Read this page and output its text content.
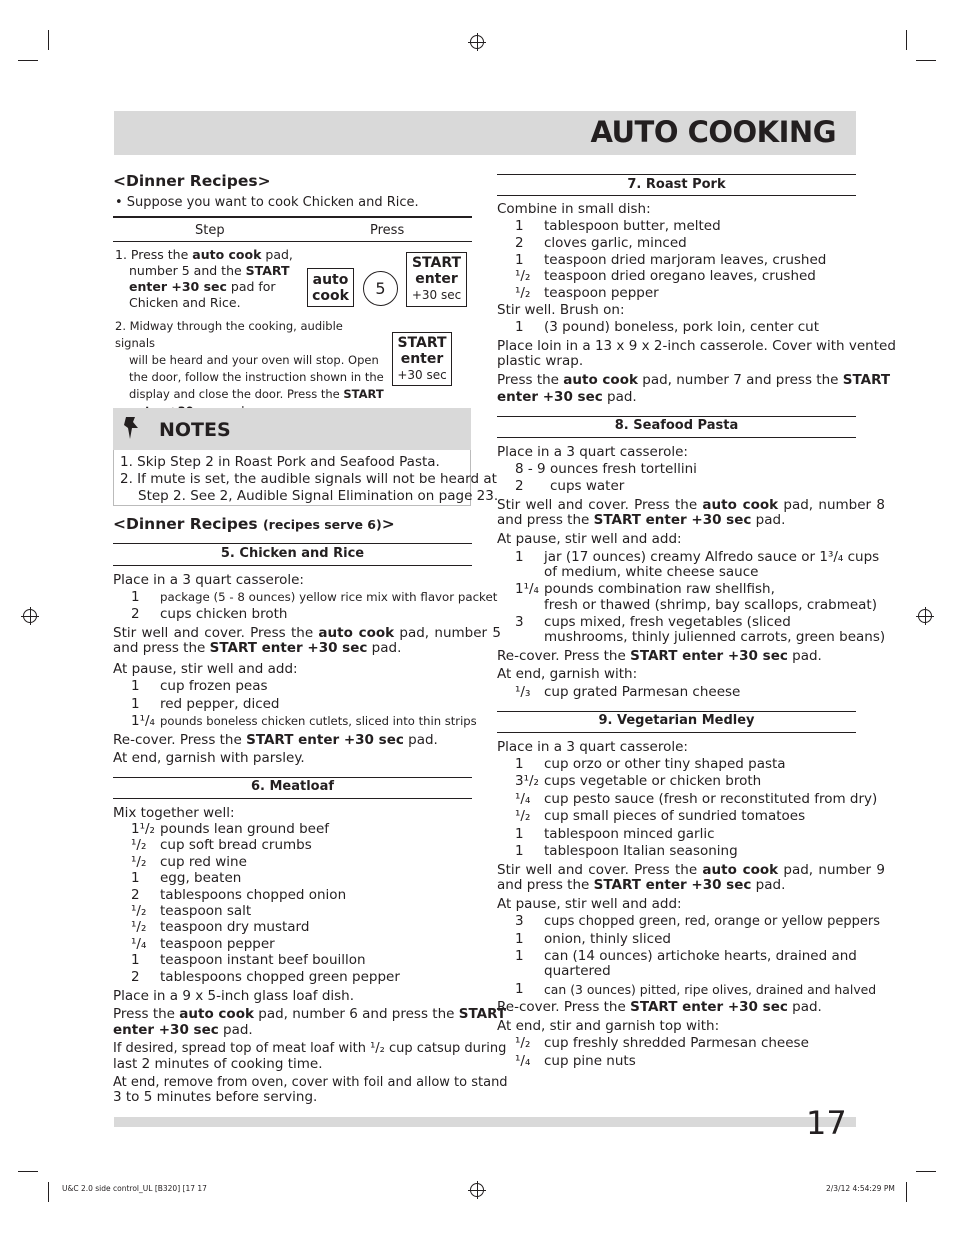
AUTO COOKING
<Dinner Recipes>
• Suppose you want to cook Chicken and Rice.
Step	Press
1. Press the auto cook pad,
number 5 and the START
enter +30 sec pad for
Chicken and Rice.
auto
cook	5
START
enter
+30 sec
2. Midway through the cooking, audible signals
will be heard and your oven will stop. Open
the door, follow the instruction shown in the
display and close the door. Press the START

START
enter
+30 sec
NOTES
1. Skip Step 2 in Roast Pork and Seafood Pasta.
2. If mute is set, the audible signals will not be heard at
Step 2. See 2, Audible Signal Elimination on page 23.
<Dinner Recipes (recipes serve 6)>
5. Chicken and Rice
Place in a 3 quart casserole:
1 package (5 - 8 ounces) yellow rice mix with flavor packet
2 cups chicken broth
Stir well and cover. Press the auto cook pad, number 5
and press the START enter +30 sec pad.
At pause, stir well and add:
1 cup frozen peas
1 red pepper, diced
1¹/₄ pounds boneless chicken cutlets, sliced into thin strips
Re-cover. Press the START enter +30 sec pad.
At end, garnish with parsley.
6. Meatloaf
Mix together well:
1¹/₂ pounds lean ground beef
¹/₂ cup soft bread crumbs
¹/₂ cup red wine
1 egg, beaten
2 tablespoons chopped onion
¹/₂ teaspoon salt
¹/₂ teaspoon dry mustard
¹/₄ teaspoon pepper
1 teaspoon instant beef bouillon
2 tablespoons chopped green pepper
Place in a 9 x 5-inch glass loaf dish.
Press the auto cook pad, number 6 and press the START
enter +30 sec pad.
If desired, spread top of meat loaf with ¹/₂ cup catsup during
last 2 minutes of cooking time.
At end, remove from oven, cover with foil and allow to stand
3 to 5 minutes before serving.
7. Roast Pork
Combine in small dish:
1 tablespoon butter, melted
2 cloves garlic, minced
1 teaspoon dried marjoram leaves, crushed
¹/₂ teaspoon dried oregano leaves, crushed
¹/₂ teaspoon pepper
Stir well. Brush on:
1 (3 pound) boneless, pork loin, center cut
Place loin in a 13 x 9 x 2-inch casserole. Cover with vented
plastic wrap.
Press the auto cook pad, number 7 and press the START
enter +30 sec pad.
8. Seafood Pasta
Place in a 3 quart casserole:
8 - 9 ounces fresh tortellini
2 cups water
Stir well and cover. Press the auto cook pad, number 8
and press the START enter +30 sec pad.
At pause, stir well and add:
1 jar (17 ounces) creamy Alfredo sauce or 1³/₄ cups
of medium, white cheese sauce
1¹/₄ pounds combination raw shellfish,
fresh or thawed (shrimp, bay scallops, crabmeat)
3 cups mixed, fresh vegetables (sliced
mushrooms, thinly julienned carrots, green beans)
Re-cover. Press the START enter +30 sec pad.
At end, garnish with:
¹/₃ cup grated Parmesan cheese
9. Vegetarian Medley
Place in a 3 quart casserole:
1 cup orzo or other tiny shaped pasta
3¹/₂ cups vegetable or chicken broth
¹/₄ cup pesto sauce (fresh or reconstituted from dry)
¹/₂ cup small pieces of sundried tomatoes
1 tablespoon minced garlic
1 tablespoon Italian seasoning
Stir well and cover. Press the auto cook pad, number 9
and press the START enter +30 sec pad.
At pause, stir well and add:
3 cups chopped green, red, orange or yellow peppers
1 onion, thinly sliced
1 can (14 ounces) artichoke hearts, drained and
quartered
1 can (3 ounces) pitted, ripe olives, drained and halved
Re-cover. Press the START enter +30 sec pad.
At end, stir and garnish top with:
¹/₂ cup freshly shredded Parmesan cheese
¹/₄ cup pine nuts
17
U&C 2.0 side control_UL [B320] [17 17	2/3/12 4:54:29 PM
